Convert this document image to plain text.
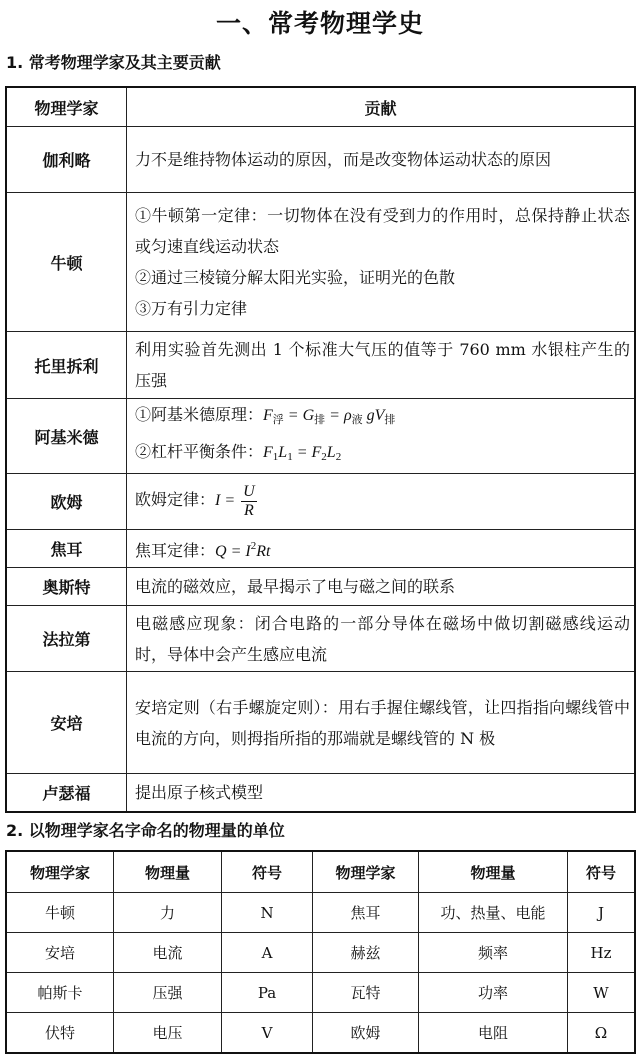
一、常考物理学史
1. 常考物理学家及其主要贡献
物理学家	贡献
伽利略	力不是维持物体运动的原因，而是改变物体运动状态的原因

牛顿	①牛顿第一定律：一切物体在没有受到力的作用时，总保持静止状态或匀速直线运动状态
②通过三棱镜分解太阳光实验，证明光的色散
③万有引力定律

托里拆利	利用实验首先测出 1 个标准大气压的值等于 760 mm 水银柱产生的压强

阿基米德	①阿基米德原理：$F_浮 = G_排 = \rho_液$ $gV_排$
②杠杆平衡条件：$F_1L_1 = F_2L_2$

欧姆	欧姆定律：$I = \frac{U}{R}$

焦耳	焦耳定律：$Q = I^2Rt$
奥斯特	电流的磁效应，最早揭示了电与磁之间的联系

法拉第	电磁感应现象：闭合电路的一部分导体在磁场中做切割磁感线运动时，导体中会产生感应电流

安培	安培定则（右手螺旋定则）：用右手握住螺线管，让四指指向螺线管中电流的方向，则拇指所指的那端就是螺线管的 N 极

卢瑟福	提出原子核式模型
2. 以物理学家名字命名的物理量的单位
物理学家	物理量	符号	物理学家	物理量	符号
牛顿	力	N	焦耳	功、热量、电能	J
安培	电流	A	赫兹	频率	Hz
帕斯卡	压强	Pa	瓦特	功率	W
伏特	电压	V	欧姆	电阻	Ω
